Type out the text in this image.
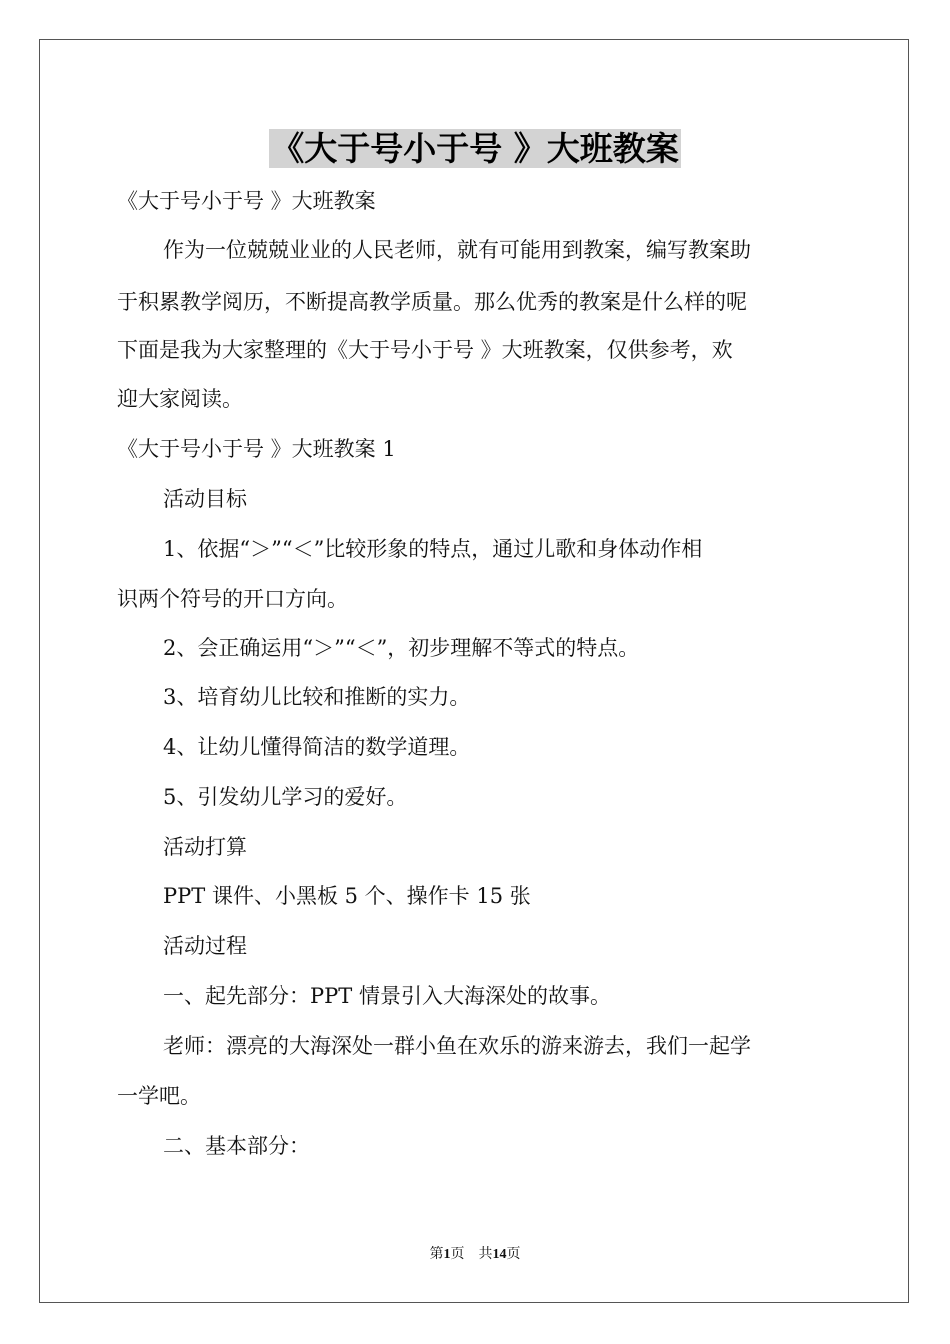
《大于号小于号 》大班教案
《大于号小于号 》大班教案
作为一位兢兢业业的人民老师，就有可能用到教案，编写教案助
于积累教学阅历，不断提高教学质量。那么优秀的教案是什么样的呢
下面是我为大家整理的《大于号小于号 》大班教案，仅供参考，欢
迎大家阅读。
《大于号小于号 》大班教案 1
活动目标
1、依据“＞”“＜”比较形象的特点，通过儿歌和身体动作相
识两个符号的开口方向。
2、会正确运用“＞”“＜”，初步理解不等式的特点。
3、培育幼儿比较和推断的实力。
4、让幼儿懂得简洁的数学道理。
5、引发幼儿学习的爱好。
活动打算
PPT 课件、小黑板 5 个、操作卡 15 张
活动过程
一、起先部分：PPT 情景引入大海深处的故事。
老师：漂亮的大海深处一群小鱼在欢乐的游来游去，我们一起学
一学吧。
二、基本部分：
第1页　共14页
